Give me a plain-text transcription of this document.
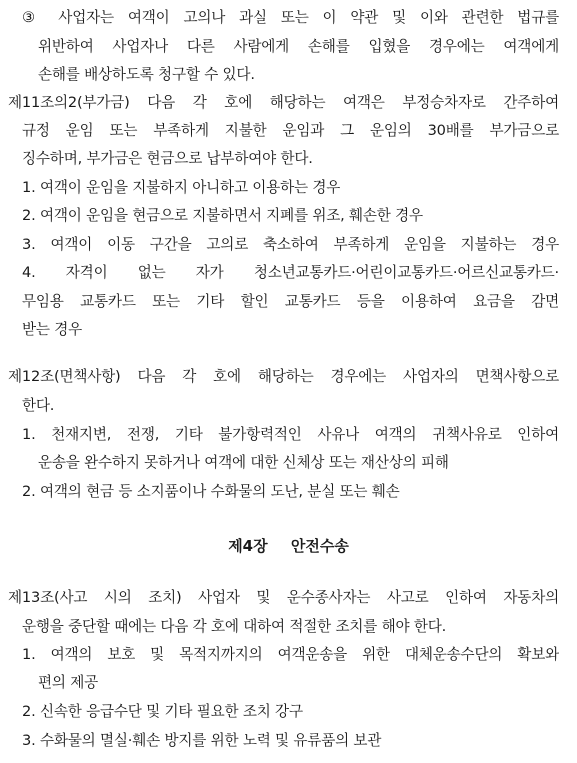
③ 사업자는 여객이 고의나 과실 또는 이 약관 및 이와 관련한 법규를
위반하여 사업자나 다른 사람에게 손해를 입혔을 경우에는 여객에게
손해를 배상하도록 청구할 수 있다.
제11조의2(부가금) 다음 각 호에 해당하는 여객은 부정승차자로 간주하여
규정 운임 또는 부족하게 지불한 운임과 그 운임의 30배를 부가금으로
징수하며, 부가금은 현금으로 납부하여야 한다.
1. 여객이 운임을 지불하지 아니하고 이용하는 경우
2. 여객이 운임을 현금으로 지불하면서 지폐를 위조, 훼손한 경우
3. 여객이 이동 구간을 고의로 축소하여 부족하게 운임을 지불하는 경우
4. 자격이 없는 자가 청소년교통카드·어린이교통카드·어르신교통카드·
무임용 교통카드 또는 기타 할인 교통카드 등을 이용하여 요금을 감면
받는 경우
제12조(면책사항) 다음 각 호에 해당하는 경우에는 사업자의 면책사항으로
한다.
1. 천재지변, 전쟁, 기타 불가항력적인 사유나 여객의 귀책사유로 인하여
운송을 완수하지 못하거나 여객에 대한 신체상 또는 재산상의 피해
2. 여객의 현금 등 소지품이나 수화물의 도난, 분실 또는 훼손
제4장 안전수송
제13조(사고 시의 조치) 사업자 및 운수종사자는 사고로 인하여 자동차의
운행을 중단할 때에는 다음 각 호에 대하여 적절한 조치를 해야 한다.
1. 여객의 보호 및 목적지까지의 여객운송을 위한 대체운송수단의 확보와
편의 제공
2. 신속한 응급수단 및 기타 필요한 조치 강구
3. 수화물의 멸실·훼손 방지를 위한 노력 및 유류품의 보관
